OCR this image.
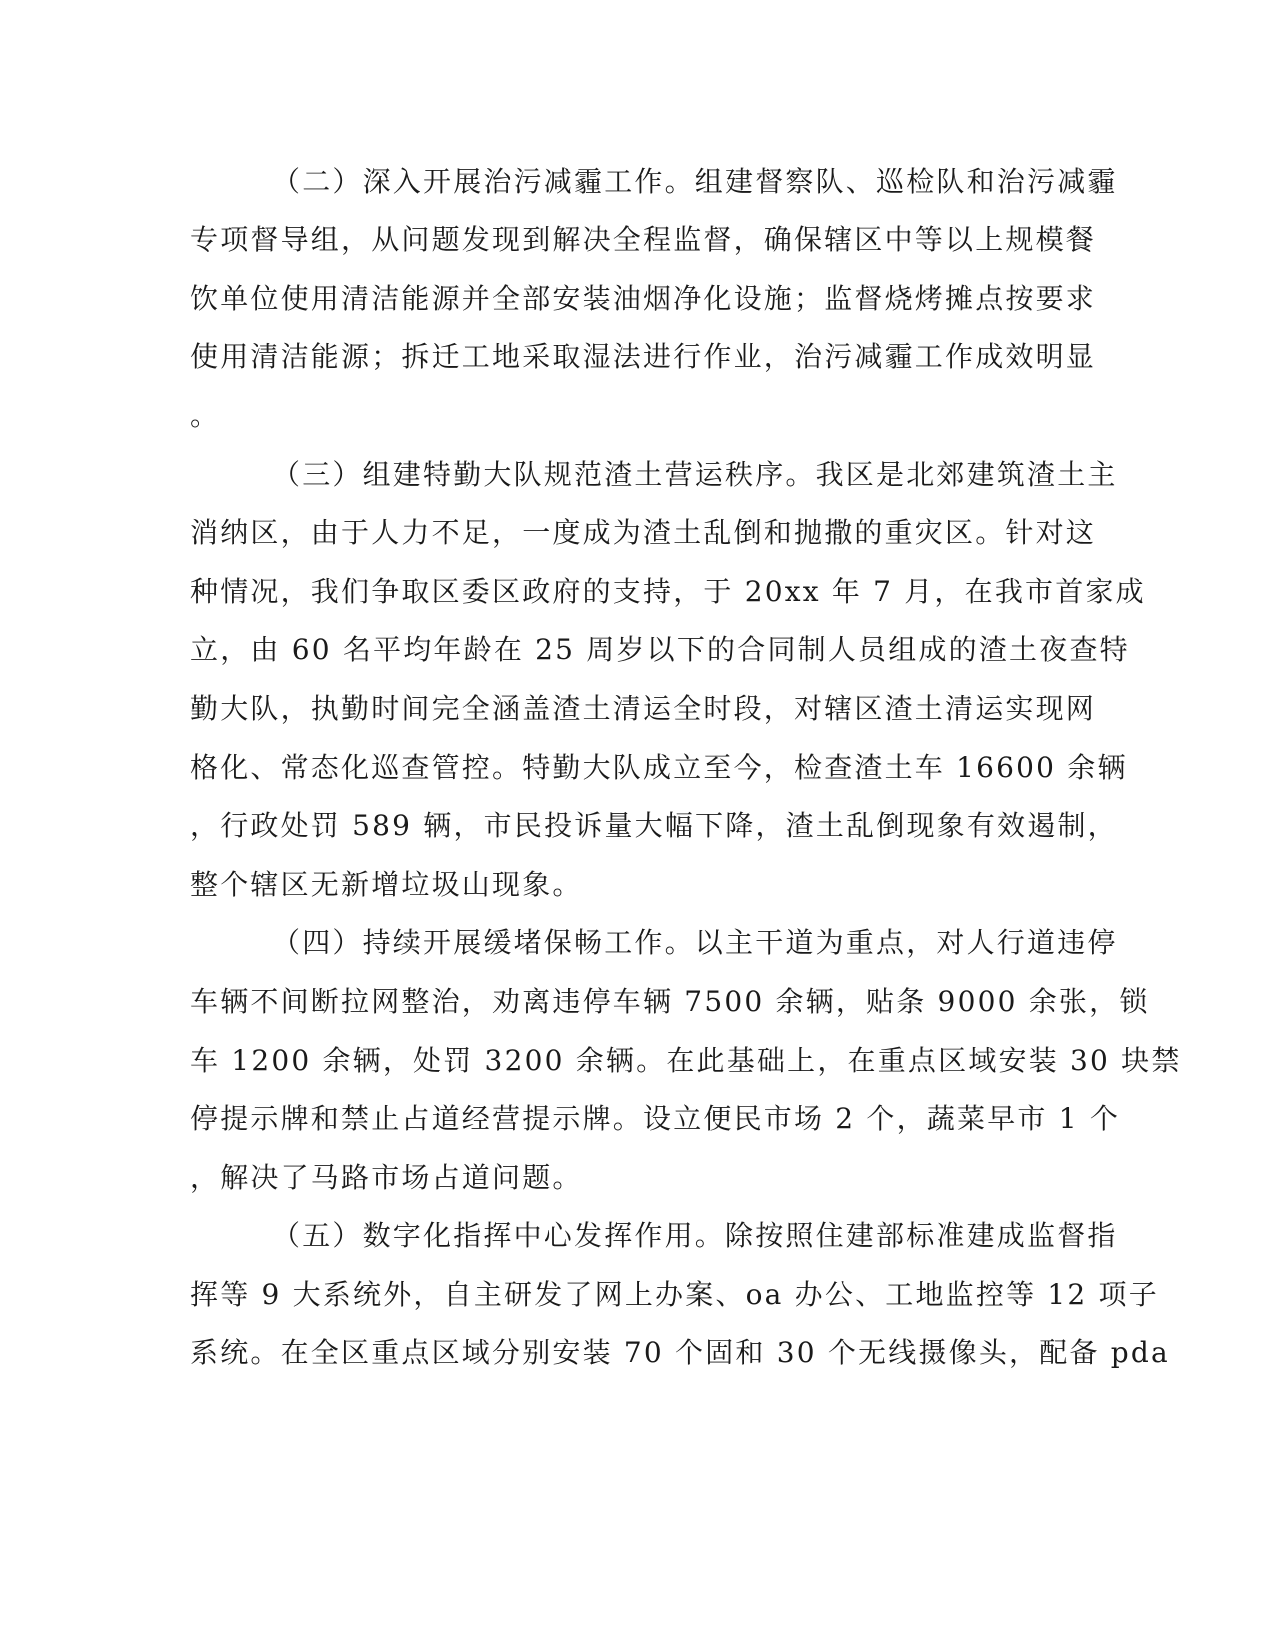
（二）深入开展治污减霾工作。组建督察队、巡检队和治污减霾
专项督导组，从问题发现到解决全程监督，确保辖区中等以上规模餐
饮单位使用清洁能源并全部安装油烟净化设施；监督烧烤摊点按要求
使用清洁能源；拆迁工地采取湿法进行作业，治污减霾工作成效明显
。
（三）组建特勤大队规范渣土营运秩序。我区是北郊建筑渣土主
消纳区，由于人力不足，一度成为渣土乱倒和抛撒的重灾区。针对这
种情况，我们争取区委区政府的支持，于 20xx 年 7 月，在我市首家成
立，由 60 名平均年龄在 25 周岁以下的合同制人员组成的渣土夜查特
勤大队，执勤时间完全涵盖渣土清运全时段，对辖区渣土清运实现网
格化、常态化巡查管控。特勤大队成立至今，检查渣土车 16600 余辆
，行政处罚 589 辆，市民投诉量大幅下降，渣土乱倒现象有效遏制，
整个辖区无新增垃圾山现象。
（四）持续开展缓堵保畅工作。以主干道为重点，对人行道违停
车辆不间断拉网整治，劝离违停车辆 7500 余辆，贴条 9000 余张，锁
车 1200 余辆，处罚 3200 余辆。在此基础上，在重点区域安装 30 块禁
停提示牌和禁止占道经营提示牌。设立便民市场 2 个，蔬菜早市 1 个
，解决了马路市场占道问题。
（五）数字化指挥中心发挥作用。除按照住建部标准建成监督指
挥等 9 大系统外，自主研发了网上办案、oa 办公、工地监控等 12 项子
系统。在全区重点区域分别安装 70 个固和 30 个无线摄像头，配备 pda
